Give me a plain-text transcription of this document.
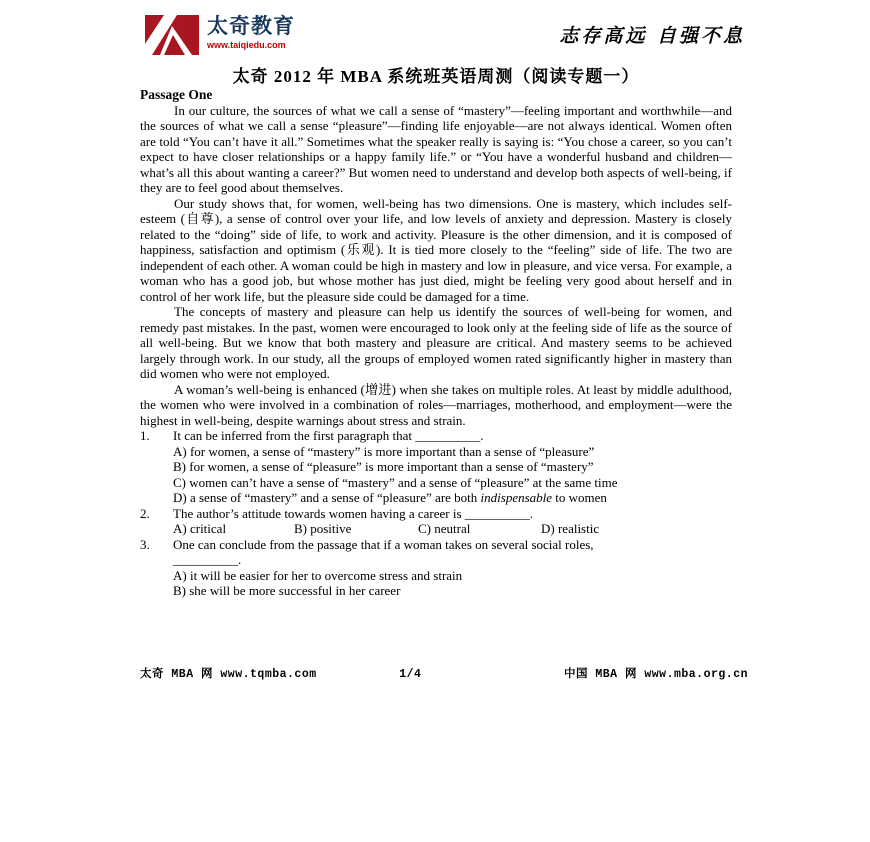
太奇教育
www.taiqiedu.com	志存高远 自强不息
太奇 2012 年 MBA 系统班英语周测（阅读专题一）
Passage One

In our culture, the sources of what we call a sense of “mastery”—feeling important and worthwhile—and the sources of what we call a sense “pleasure”—finding life enjoyable—are not always identical. Women often are told “You can’t have it all.” Sometimes what the speaker really is saying is: “You chose a career, so you can’t expect to have closer relationships or a happy family life.” or “You have a wonderful husband and children—what’s all this about wanting a career?” But women need to understand and develop both aspects of well-being, if they are to feel good about themselves.

Our study shows that, for women, well-being has two dimensions. One is mastery, which includes self-esteem (自尊), a sense of control over your life, and low levels of anxiety and depression. Mastery is closely related to the “doing” side of life, to work and activity. Pleasure is the other dimension, and it is composed of happiness, satisfaction and optimism (乐观). It is tied more closely to the “feeling” side of life. The two are independent of each other. A woman could be high in mastery and low in pleasure, and vice versa. For example, a woman who has a good job, but whose mother has just died, might be feeling very good about herself and in control of her work life, but the pleasure side could be damaged for a time.

The concepts of mastery and pleasure can help us identify the sources of well-being for women, and remedy past mistakes. In the past, women were encouraged to look only at the feeling side of life as the source of all well-being. But we know that both mastery and pleasure are critical. And mastery seems to be achieved largely through work. In our study, all the groups of employed women rated significantly higher in mastery than did women who were not employed.

A woman’s well-being is enhanced (增进) when she takes on multiple roles. At least by middle adulthood, the women who were involved in a combination of roles—marriages, motherhood, and employment—were the highest in well-being, despite warnings about stress and strain.

1. It can be inferred from the first paragraph that __________.
A) for women, a sense of “mastery” is more important than a sense of “pleasure”
B) for women, a sense of “pleasure” is more important than a sense of “mastery”
C) women can’t have a sense of “mastery” and a sense of “pleasure” at the same time
D) a sense of “mastery” and a sense of “pleasure” are both indispensable to women
2. The author’s attitude towards women having a career is __________.
A) critical	B) positive	C) neutral	D) realistic
3. One can conclude from the passage that if a woman takes on several social roles,
__________.
A) it will be easier for her to overcome stress and strain
B) she will be more successful in her career
太奇 MBA 网 www.tqmba.com	1/4	中国 MBA 网 www.mba.org.cn
